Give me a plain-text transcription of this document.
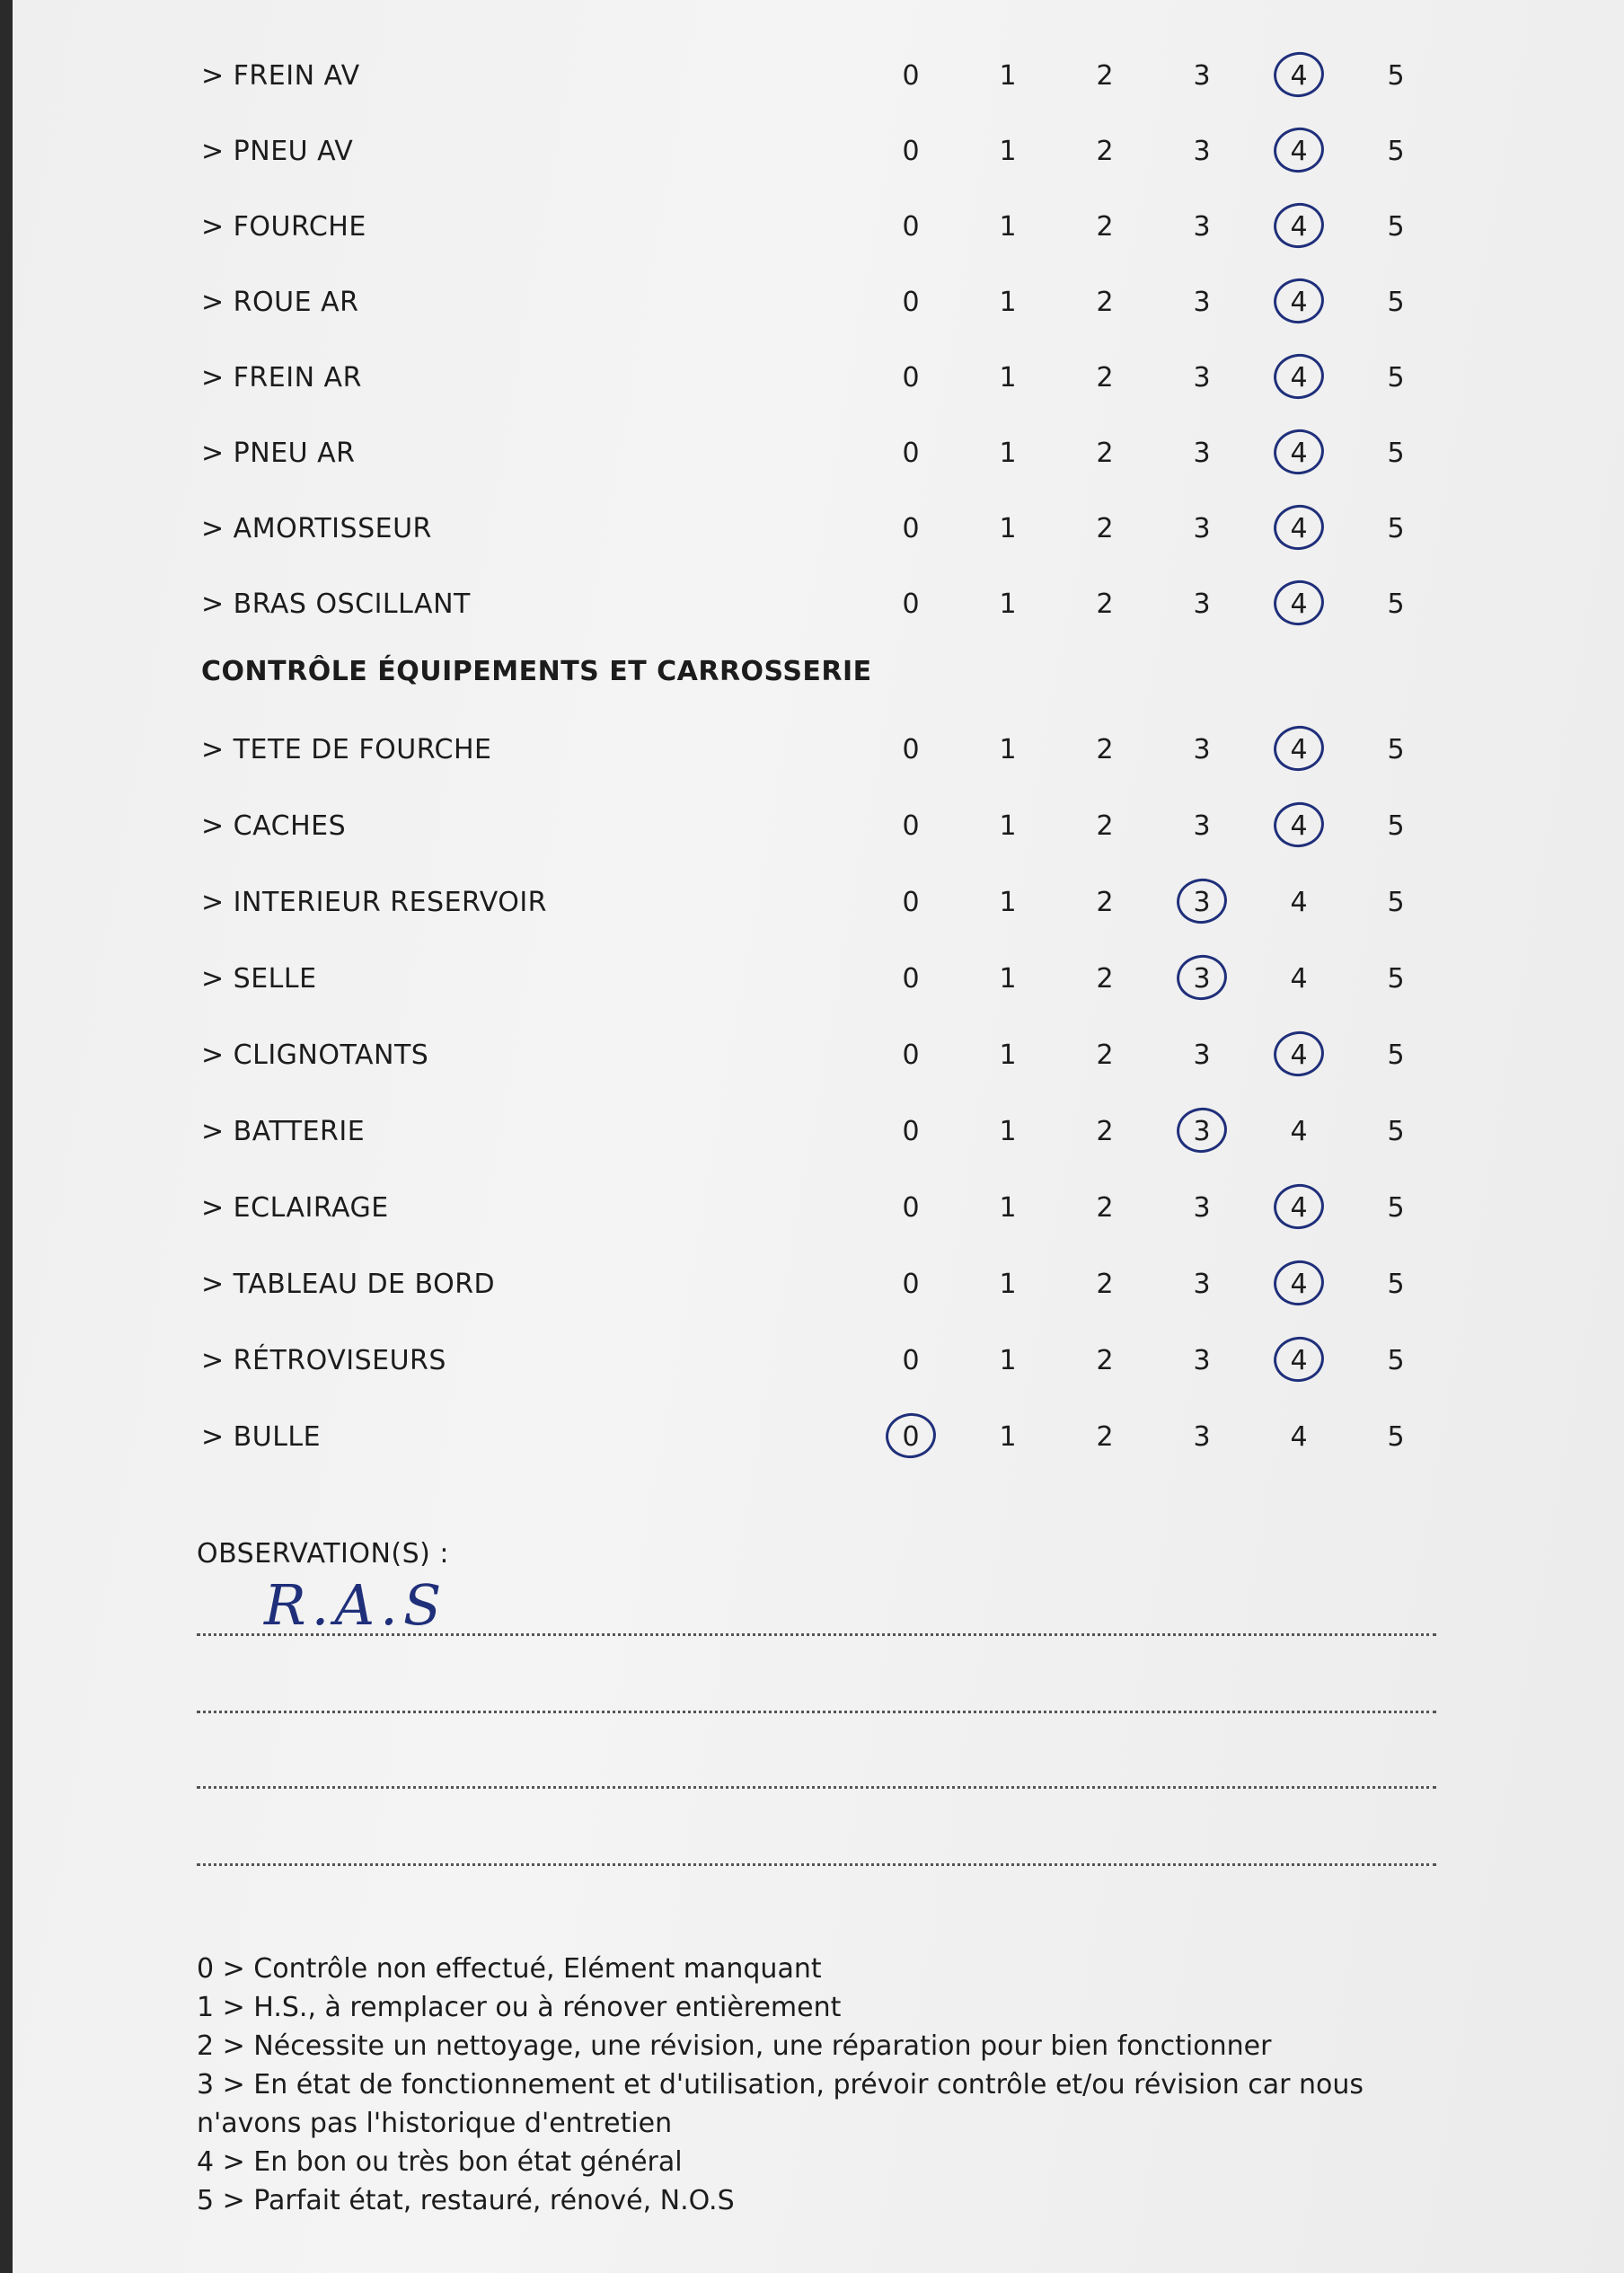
> FREIN AV	0	1	2	3	4	5
> PNEU AV	0	1	2	3	4	5
> FOURCHE	0	1	2	3	4	5
> ROUE AR	0	1	2	3	4	5
> FREIN AR	0	1	2	3	4	5
> PNEU AR	0	1	2	3	4	5
> AMORTISSEUR	0	1	2	3	4	5
> BRAS OSCILLANT	0	1	2	3	4	5
CONTRÔLE ÉQUIPEMENTS ET CARROSSERIE
> TETE DE FOURCHE	0	1	2	3	4	5
> CACHES	0	1	2	3	4	5
> INTERIEUR RESERVOIR	0	1	2	3	4	5
> SELLE	0	1	2	3	4	5
> CLIGNOTANTS	0	1	2	3	4	5
> BATTERIE	0	1	2	3	4	5
> ECLAIRAGE	0	1	2	3	4	5
> TABLEAU DE BORD	0	1	2	3	4	5
> RÉTROVISEURS	0	1	2	3	4	5
> BULLE	0	1	2	3	4	5
OBSERVATION(S) :
R.A.S
0 > Contrôle non effectué, Elément manquant
1 > H.S., à remplacer ou à rénover entièrement
2 > Nécessite un nettoyage, une révision, une réparation pour bien fonctionner
3 > En état de fonctionnement et d'utilisation, prévoir contrôle et/ou révision car nous
n'avons pas l'historique d'entretien
4 > En bon ou très bon état général
5 > Parfait état, restauré, rénové, N.O.S
